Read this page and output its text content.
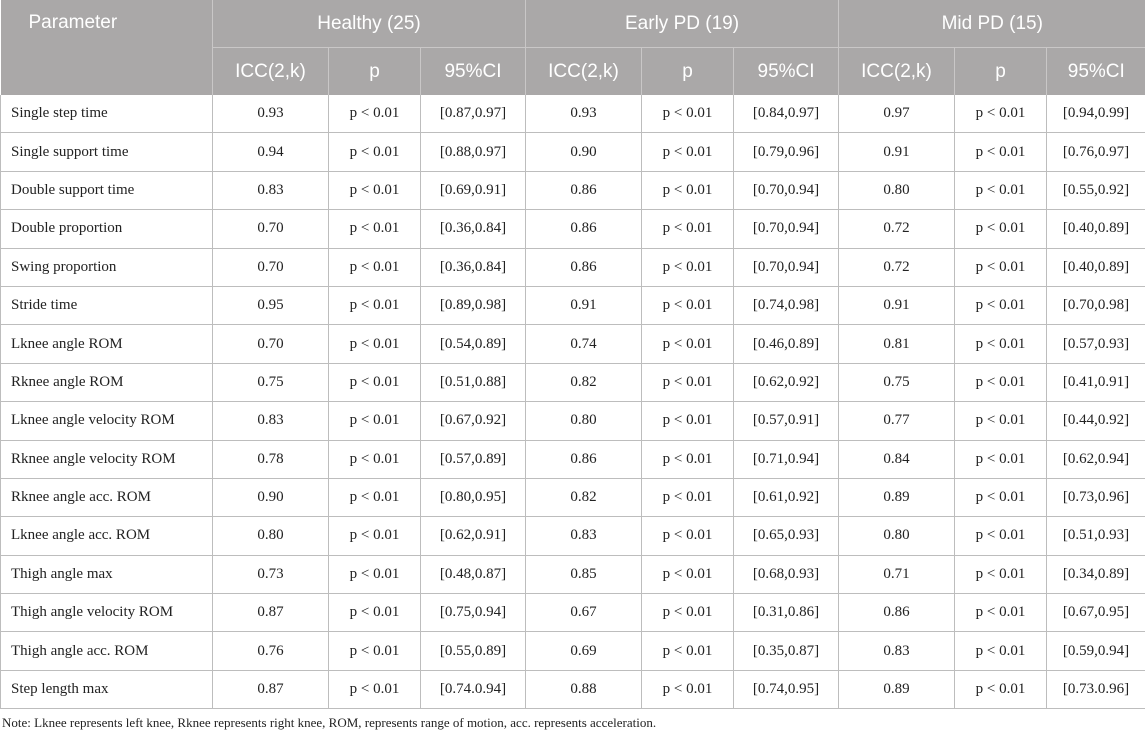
Parameter	Healthy (25)			Early PD (19)			Mid PD (15)		
	ICC(2,k)	p	95%CI	ICC(2,k)	p	95%CI	ICC(2,k)	p	95%CI
Single step time	0.93	p < 0.01	[0.87,0.97]	0.93	p < 0.01	[0.84,0.97]	0.97	p < 0.01	[0.94,0.99]
Single support time	0.94	p < 0.01	[0.88,0.97]	0.90	p < 0.01	[0.79,0.96]	0.91	p < 0.01	[0.76,0.97]
Double support time	0.83	p < 0.01	[0.69,0.91]	0.86	p < 0.01	[0.70,0.94]	0.80	p < 0.01	[0.55,0.92]
Double proportion	0.70	p < 0.01	[0.36,0.84]	0.86	p < 0.01	[0.70,0.94]	0.72	p < 0.01	[0.40,0.89]
Swing proportion	0.70	p < 0.01	[0.36,0.84]	0.86	p < 0.01	[0.70,0.94]	0.72	p < 0.01	[0.40,0.89]
Stride time	0.95	p < 0.01	[0.89,0.98]	0.91	p < 0.01	[0.74,0.98]	0.91	p < 0.01	[0.70,0.98]
Lknee angle ROM	0.70	p < 0.01	[0.54,0.89]	0.74	p < 0.01	[0.46,0.89]	0.81	p < 0.01	[0.57,0.93]
Rknee angle ROM	0.75	p < 0.01	[0.51,0.88]	0.82	p < 0.01	[0.62,0.92]	0.75	p < 0.01	[0.41,0.91]
Lknee angle velocity ROM	0.83	p < 0.01	[0.67,0.92]	0.80	p < 0.01	[0.57,0.91]	0.77	p < 0.01	[0.44,0.92]
Rknee angle velocity ROM	0.78	p < 0.01	[0.57,0.89]	0.86	p < 0.01	[0.71,0.94]	0.84	p < 0.01	[0.62,0.94]
Rknee angle acc. ROM	0.90	p < 0.01	[0.80,0.95]	0.82	p < 0.01	[0.61,0.92]	0.89	p < 0.01	[0.73,0.96]
Lknee angle acc. ROM	0.80	p < 0.01	[0.62,0.91]	0.83	p < 0.01	[0.65,0.93]	0.80	p < 0.01	[0.51,0.93]
Thigh angle max	0.73	p < 0.01	[0.48,0.87]	0.85	p < 0.01	[0.68,0.93]	0.71	p < 0.01	[0.34,0.89]
Thigh angle velocity ROM	0.87	p < 0.01	[0.75,0.94]	0.67	p < 0.01	[0.31,0.86]	0.86	p < 0.01	[0.67,0.95]
Thigh angle acc. ROM	0.76	p < 0.01	[0.55,0.89]	0.69	p < 0.01	[0.35,0.87]	0.83	p < 0.01	[0.59,0.94]
Step length max	0.87	p < 0.01	[0.74.0.94]	0.88	p < 0.01	[0.74,0.95]	0.89	p < 0.01	[0.73.0.96]
Note: Lknee represents left knee, Rknee represents right knee, ROM, represents range of motion, acc. represents acceleration.
